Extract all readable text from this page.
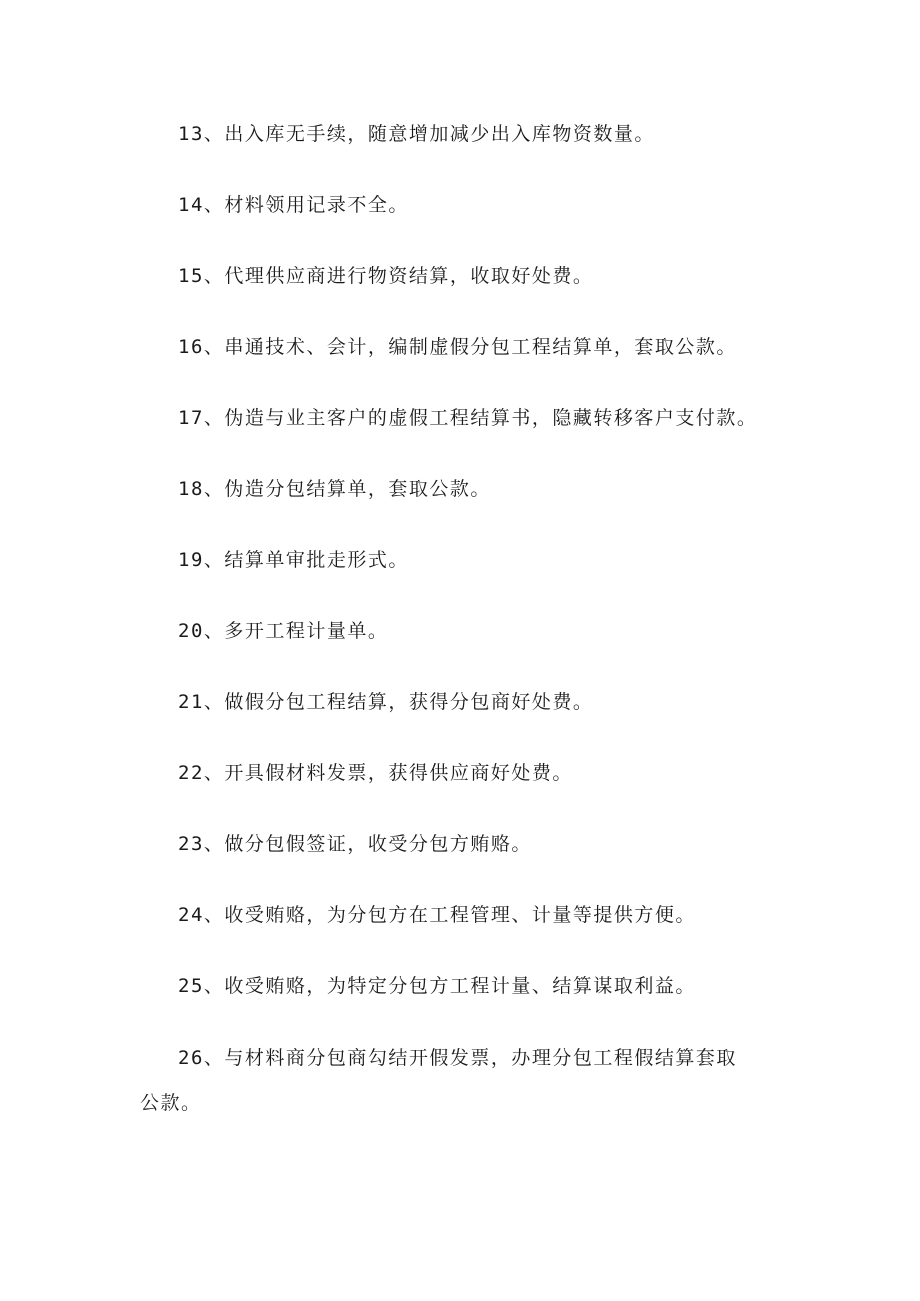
13、出入库无手续，随意增加减少出入库物资数量。

14、材料领用记录不全。

15、代理供应商进行物资结算，收取好处费。

16、串通技术、会计，编制虚假分包工程结算单，套取公款。

17、伪造与业主客户的虚假工程结算书，隐藏转移客户支付款。

18、伪造分包结算单，套取公款。

19、结算单审批走形式。

20、多开工程计量单。

21、做假分包工程结算，获得分包商好处费。

22、开具假材料发票，获得供应商好处费。

23、做分包假签证，收受分包方贿赂。

24、收受贿赂，为分包方在工程管理、计量等提供方便。

25、收受贿赂，为特定分包方工程计量、结算谋取利益。

26、与材料商分包商勾结开假发票，办理分包工程假结算套取公款。
